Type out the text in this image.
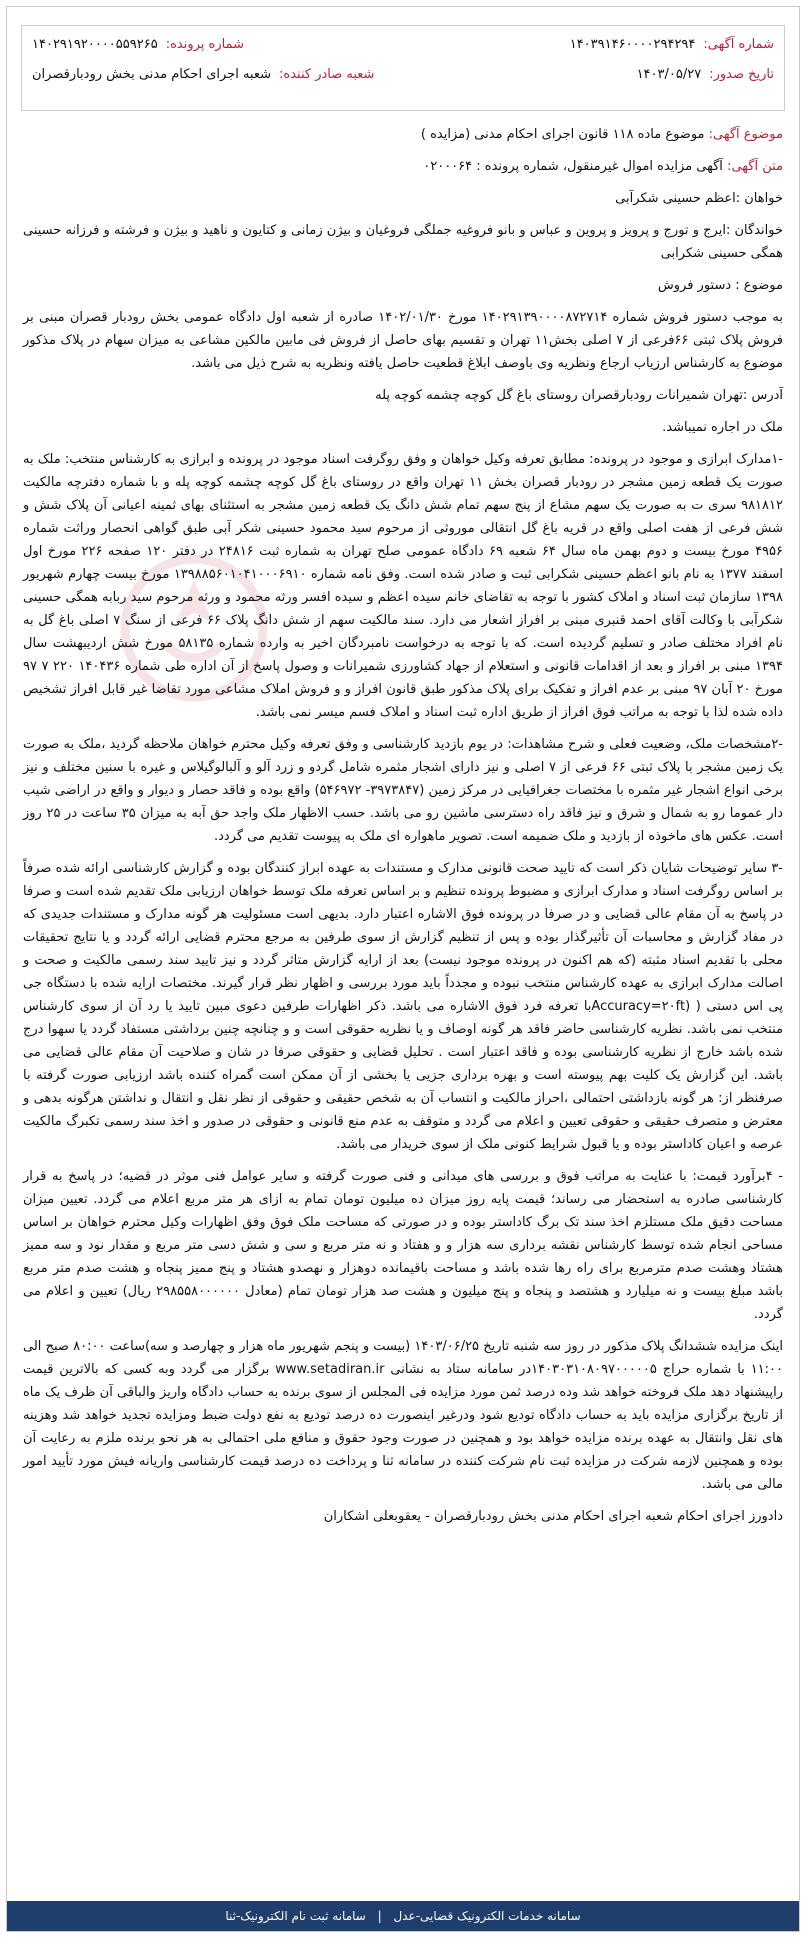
شماره آگهی:
۱۴۰۳۹۱۴۶۰۰۰۰۲۹۴۲۹۴
شماره پرونده:
۱۴۰۲۹۱۹۲۰۰۰۰۵۵۹۲۶۵
تاریخ صدور:
۱۴۰۳/۰۵/۲۷
شعبه صادر کننده:
شعبه اجرای احکام مدنی بخش رودبارقصران

موضوع آگهی: موضوع ماده ۱۱۸ قانون اجرای احکام مدنی (مزایده )

متن آگهی: آگهی مزایده اموال غیرمنقول، شماره پرونده : ۰۲۰۰۰۶۴

خواهان :اعظم حسینی شکرآبی

خواندگان :ایرج و تورج و پرویز و پروین و عباس و بانو فروغیه جملگی فروغیان و بیژن زمانی و کتایون و ناهید و بیژن و فرشته و فرزانه حسینی همگی حسینی شکرابی

موضوع : دستور فروش

به موجب دستور فروش شماره ۱۴۰۲۹۱۳۹۰۰۰۰۸۷۲۷۱۴ مورخ ۱۴۰۲/۰۱/۳۰ صادره از شعبه اول دادگاه عمومی بخش رودبار قصران مبنی بر فروش پلاک ثبتی ۶۶فرعی از ۷ اصلی بخش۱۱ تهران و تقسیم بهای حاصل از فروش فی مابین مالکین مشاعی به میزان سهام در پلاک مذکور موضوع به کارشناس ارزیاب ارجاع ونظریه وی باوصف ابلاغ قطعیت حاصل یافته ونظریه به شرح ذیل می باشد.

آدرس :تهران شمیرانات رودبارقصران روستای باغ گل کوچه چشمه کوچه پله

ملک در اجاره نمیباشد.

-۱مدارک ابرازی و موجود در پرونده: مطابق تعرفه وکیل خواهان و وفق روگرفت اسناد موجود در پرونده و ابرازی به کارشناس منتخب: ملک به صورت یک قطعه زمین مشجر در رودبار قصران بخش ۱۱ تهران واقع در روستای باغ گل کوچه چشمه کوچه پله و با شماره دفترچه مالکیت ۹۸۱۸۱۲ سری ت به صورت یک سهم مشاع از پنج سهم تمام شش دانگ یک قطعه زمین مشجر به استثنای بهای ثمینه اعیانی آن پلاک شش و شش فرعی از هفت اصلی واقع در قریه باغ گل انتقالی موروثی از مرحوم سید محمود حسینی شکر آبی طبق گواهی انحصار وراثت شماره ۴۹۵۶ مورخ بیست و دوم بهمن ماه سال ۶۴ شعبه ۶۹ دادگاه عمومی صلح تهران به شماره ثبت ۲۴۸۱۶ در دفتر ۱۲۰ صفحه ۲۲۶ مورخ اول اسفند ۱۳۷۷ به نام بانو اعظم حسینی شکرابی ثبت و صادر شده است. وفق نامه شماره ۱۳۹۸۸۵۶۰۱۰۴۱۰۰۰۶۹۱۰ مورخ بیست چهارم شهریور ۱۳۹۸ سازمان ثبت اسناد و املاک کشور با توجه به تقاضای خانم سیده اعظم و سیده افسر ورثه محمود و ورثه مرحوم سید ربابه همگی حسینی شکرآبی با وکالت آقای احمد قنبری مبنی بر افراز اشعار می دارد. سند مالکیت سهم از شش دانگ پلاک ۶۶ فرعی از سنگ ۷ اصلی باغ گل به نام افراد مختلف صادر و تسلیم گردیده است. که با توجه به درخواست نامبردگان اخیر به وارده شماره ۵۸۱۳۵ مورخ شش اردیبهشت سال ۱۳۹۴ مبنی بر افراز و بعد از اقدامات قانونی و استعلام از جهاد کشاورزی شمیرانات و وصول پاسخ از آن اداره طی شماره ۱۴۰۴۳۶ ۲۲۰ ۷ ۹۷ مورخ ۲۰ آبان ۹۷ مبنی بر عدم افراز و تفکیک برای پلاک مذکور طبق قانون افراز و و فروش املاک مشاعی مورد تقاضا غیر قابل افراز تشخیص داده شده لذا با توجه به مراتب فوق افراز از طریق اداره ثبت اسناد و املاک فسم میسر نمی باشد.

-۲مشخصات ملک، وضعیت فعلی و شرح مشاهدات: در یوم بازدید کارشناسی و وفق تعرفه وکیل محترم خواهان ملاحظه گردید ،ملک به صورت یک زمین مشجر با پلاک ثبتی ۶۶ فرعی از ۷ اصلی و نیز دارای اشجار مثمره شامل گردو و زرد آلو و آلبالوگیلاس و غیره با سنین مختلف و نیز برخی انواع اشجار غیر مثمره با مختصات جغرافیایی در مرکز زمین (۳۹۷۳۸۴۷- ۵۴۶۹۷۲) واقع بوده و فاقد حصار و دیوار و واقع در اراضی شیب دار عموما رو به شمال و شرق و نیز فاقد راه دسترسی ماشین رو می باشد. حسب الاظهار ملک واجد حق آبه به میزان ۳۵ ساعت در ۲۵ روز است. عکس های ماخوذه از بازدید و ملک ضمیمه است. تصویر ماهواره ای ملک به پیوست تقدیم می گردد.

-۳ سایر توضیحات شایان ذکر است که تایید صحت قانونی مدارک و مستندات به عهده ابراز کنندگان بوده و گزارش کارشناسی ارائه شده صرفاً بر اساس روگرفت اسناد و مدارک ابرازی و مضبوط پرونده تنظیم و بر اساس تعرفه ملک توسط خواهان ارزیابی ملک تقدیم شده است و صرفا در پاسخ به آن مقام عالی قضایی و در صرفا در پرونده فوق الاشاره اعتبار دارد. بدیهی است مسئولیت هر گونه مدارک و مستندات جدیدی که در مفاد گزارش و محاسبات آن تأثیرگذار بوده و پس از تنظیم گزارش از سوی طرفین به مرجع محترم قضایی ارائه گردد و یا نتایج تحقیقات محلی با تقدیم اسناد مثبته (که هم اکنون در پرونده موجود نیست) بعد از ارایه گزارش متاثر گردد و نیز تایید سند رسمی مالکیت و صحت و اصالت مدارک ابرازی به عهده کارشناس منتخب نبوده و مجدداً باید مورد بررسی و اظهار نظر قرار گیرند. مختصات ارایه شده با دستگاه جی پی اس دستی ( (Accuracy=۲۰ftبا تعرفه فرد فوق الاشاره می باشد. ذکر اظهارات طرفین دعوی مبین تایید یا رد آن از سوی کارشناس منتخب نمی باشد. نظریه کارشناسی حاضر فاقد هر گونه اوصاف و یا نظریه حقوقی است و و چنانچه چنین برداشتی مستفاد گردد یا سهوا درج شده باشد خارج از نظریه کارشناسی بوده و فاقد اعتبار است . تحلیل قضایی و حقوقی صرفا در شان و صلاحیت آن مقام عالی قضایی می باشد. این گزارش یک کلیت بهم پیوسته است و بهره برداری جزیی یا بخشی از آن ممکن است گمراه کننده باشد ارزیابی صورت گرفته با صرفنظر از: هر گونه بازداشتی احتمالی ،احراز مالکیت و انتساب آن به شخص حقیقی و حقوقی از نظر نقل و انتقال و نداشتن هرگونه بدهی و معترض و متصرف حقیقی و حقوقی تعیین و اعلام می گردد و متوقف به عدم منع قانونی و حقوقی در صدور و اخذ سند رسمی تکبرگ مالکیت عرصه و اعیان کاداستر بوده و یا قبول شرایط کنونی ملک از سوی خریدار می باشد.

- ۴برآورد قیمت: با عنایت به مراتب فوق و بررسی های میدانی و فنی صورت گرفته و سایر عوامل فنی موثر در قضیه؛ در پاسخ به قرار کارشناسی صادره به استحضار می رساند؛ قیمت پایه روز میزان ده میلیون تومان تمام به ازای هر متر مربع اعلام می گردد. تعیین میزان مساحت دقیق ملک مستلزم اخذ سند تک برگ کاداستر بوده و در صورتی که مساحت ملک فوق وفق اظهارات وکیل محترم خواهان بر اساس مساحی انجام شده توسط کارشناس نقشه برداری سه هزار و و هفتاد و نه متر مربع و سی و شش دسی متر مربع و مقدار نود و سه ممیز هشتاد وهشت صدم مترمربع برای راه رها شده باشد و مساحت باقیمانده دوهزار و نهصدو هشتاد و پنج ممیز پنجاه و هشت صدم متر مربع باشد مبلغ بیست و نه میلیارد و هشتصد و پنجاه و پنج میلیون و هشت صد هزار تومان تمام (معادل ۲۹۸۵۵۸۰۰۰۰۰۰ ریال) تعیین و اعلام می گردد.

اینک مزایده ششدانگ پلاک مذکور در روز سه شنبه تاریخ ۱۴۰۳/۰۶/۲۵ (بیست و پنجم شهریور ماه هزار و چهارصد و سه)ساعت ۸۰:۰۰ صبح الی ۱۱:۰۰ با شماره حراج ۱۴۰۳۰۳۱۰۸۰۹۷۰۰۰۰۰۵در سامانه ستاد به نشانی www.setadiran.ir برگزار می گردد وبه کسی که بالاترین قیمت راپیشنهاد دهد ملک فروخته خواهد شد وده درصد ثمن مورد مزایده فی المجلس از سوی برنده به حساب دادگاه واریز والباقی آن ظرف یک ماه از تاریخ برگزاری مزایده باید به حساب دادگاه تودیع شود ودرغیر اینصورت ده درصد تودیع به نفع دولت ضبط ومزایده تجدید خواهد شد وهزینه های نقل وانتقال به عهده برنده مزایده خواهد بود و همچنین در صورت وجود حقوق و منافع ملی احتمالی به هر نحو برنده ملزم به رعایت آن بوده و همچنین لازمه شرکت در مزایده ثبت نام شرکت کننده در سامانه ثنا و پرداخت ده درصد قیمت کارشناسی واریانه فیش مورد تأیید امور مالی می باشد.

دادورز اجرای احکام شعبه اجرای احکام مدنی بخش رودبارقصران - یعقوبعلی اشکاران

سامانه خدمات الکترونیک قضایی-عدل | سامانه ثبت نام الکترونیک-ثنا
